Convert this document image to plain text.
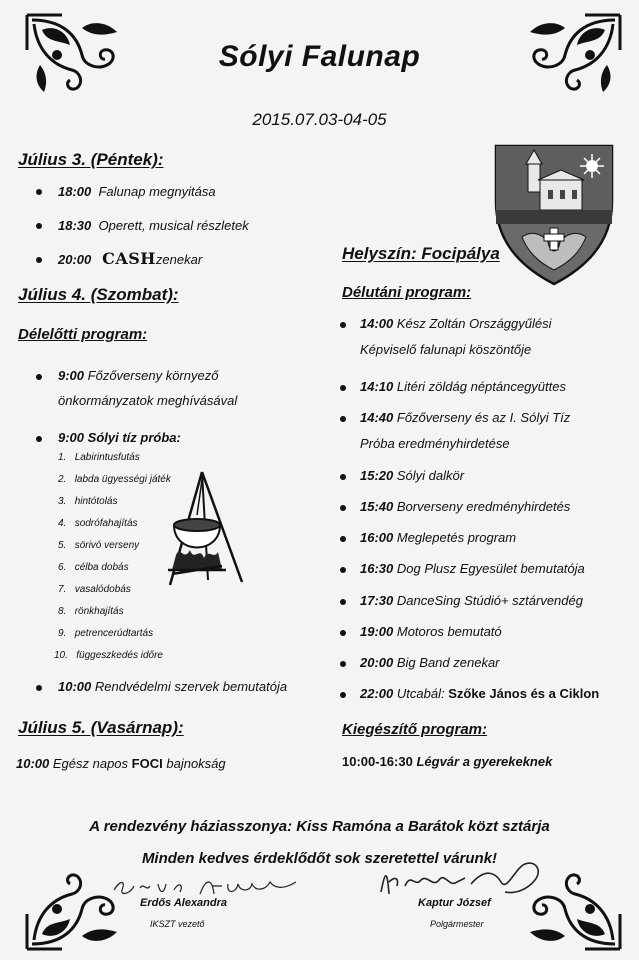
Sólyi Falunap
2015.07.03-04-05
Július 3. (Péntek):
18:00 Falunap megnyitása
18:30 Operett, musical részletek
20:00 CASHzenekar
Július 4. (Szombat):
Délelőtti program:
9:00 Főzőverseny környező
önkormányzatok meghívásával
9:00 Sólyi tíz próba:
1. Labirintusfutás
2. labda ügyességi játék
3. hintótolás
4. sodrófahajítás
5. sörivó verseny
6. célba dobás
7. vasalódobás
8. rönkhajítás
9. petrencerúdtartás
10. függeszkedés időre
10:00 Rendvédelmi szervek bemutatója
Július 5. (Vasárnap):
10:00 Egész napos FOCI bajnokság
Helyszín: Focipálya
Délutáni program:
14:00 Kész Zoltán Országgyűlési
Képviselő falunapi köszöntője
14:10 Litéri zöldág néptáncegyüttes
14:40 Főzőverseny és az I. Sólyi Tíz
Próba eredményhirdetése
15:20 Sólyi dalkör
15:40 Borverseny eredményhirdetés
16:00 Meglepetés program
16:30 Dog Plusz Egyesület bemutatója
17:30 DanceSing Stúdió+ sztárvendég
19:00 Motoros bemutató
20:00 Big Band zenekar
22:00 Utcabál: Szőke János és a Ciklon
Kiegészítő program:
10:00-16:30 Légvár a gyerekeknek
A rendezvény háziasszonya: Kiss Ramóna a Barátok közt sztárja
Minden kedves érdeklődőt sok szeretettel várunk!
Erdős Alexandra
IKSZT vezető
Kaptur József
Polgármester
